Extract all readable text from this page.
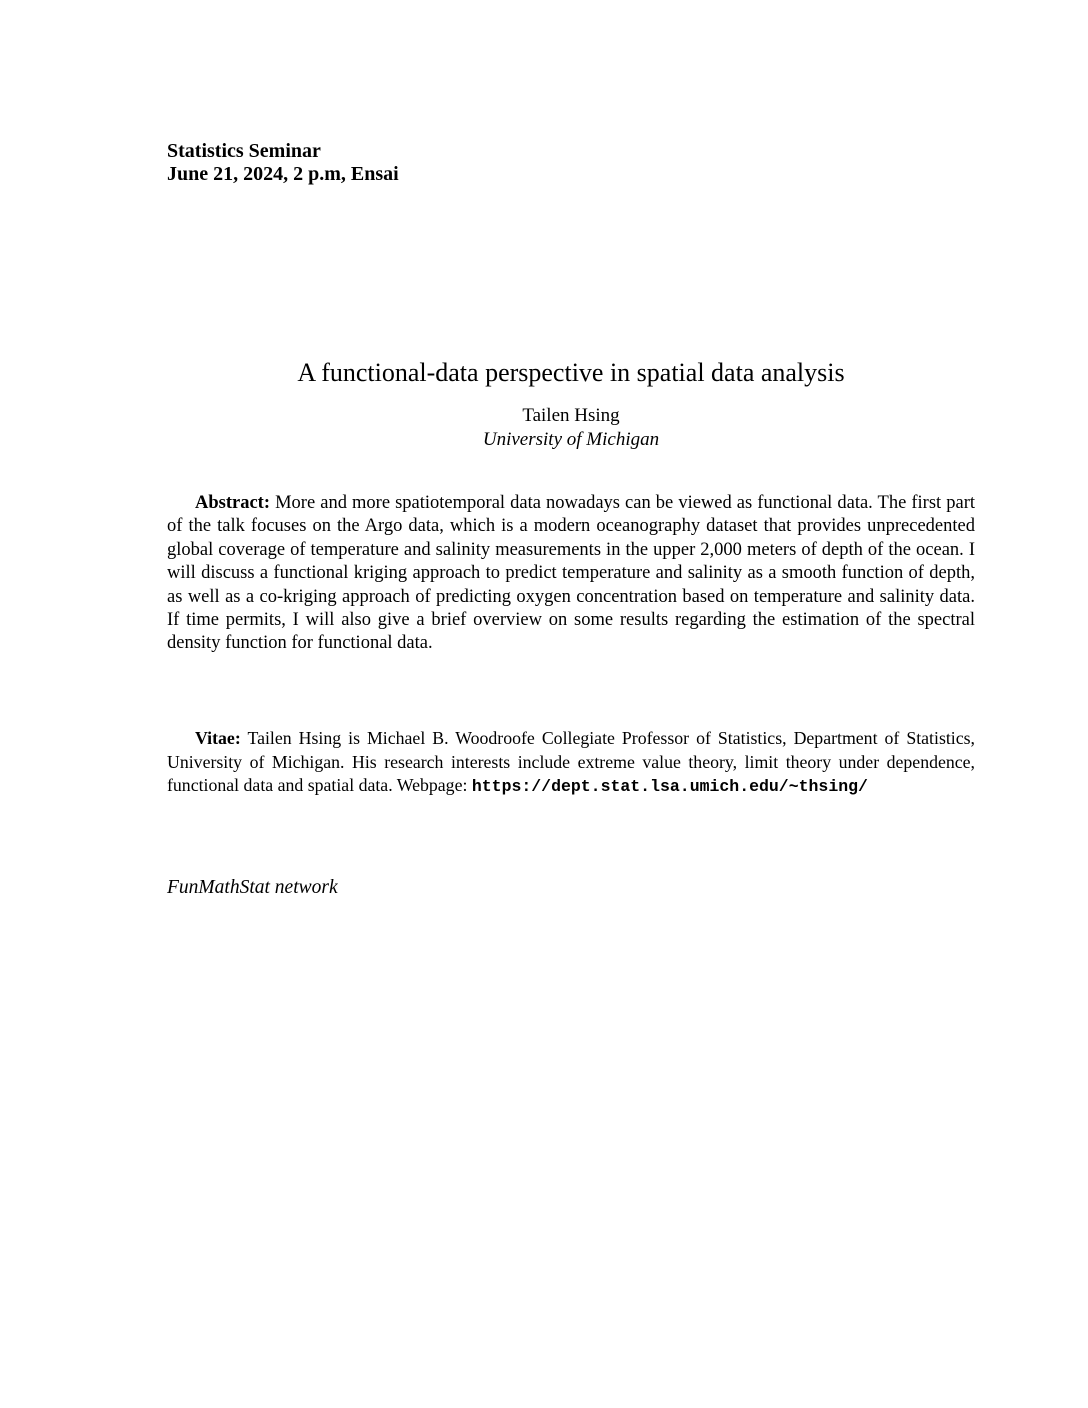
Statistics Seminar
June 21, 2024, 2 p.m, Ensai
A functional-data perspective in spatial data analysis

Tailen Hsing

University of Michigan

Abstract: More and more spatiotemporal data nowadays can be viewed as functional data. The first part of the talk focuses on the Argo data, which is a modern oceanography dataset that provides unprecedented global coverage of temperature and salinity measurements in the upper 2,000 meters of depth of the ocean. I will discuss a functional kriging approach to predict temperature and salinity as a smooth function of depth, as well as a co-kriging approach of predicting oxygen concentration based on temperature and salinity data. If time permits, I will also give a brief overview on some results regarding the estimation of the spectral density function for functional data.
Vitae: Tailen Hsing is Michael B. Woodroofe Collegiate Professor of Statistics, Department of Statistics, University of Michigan. His research interests include extreme value theory, limit theory under dependence, functional data and spatial data. Webpage: https://dept.stat.lsa.umich.edu/~thsing/
FunMathStat network
